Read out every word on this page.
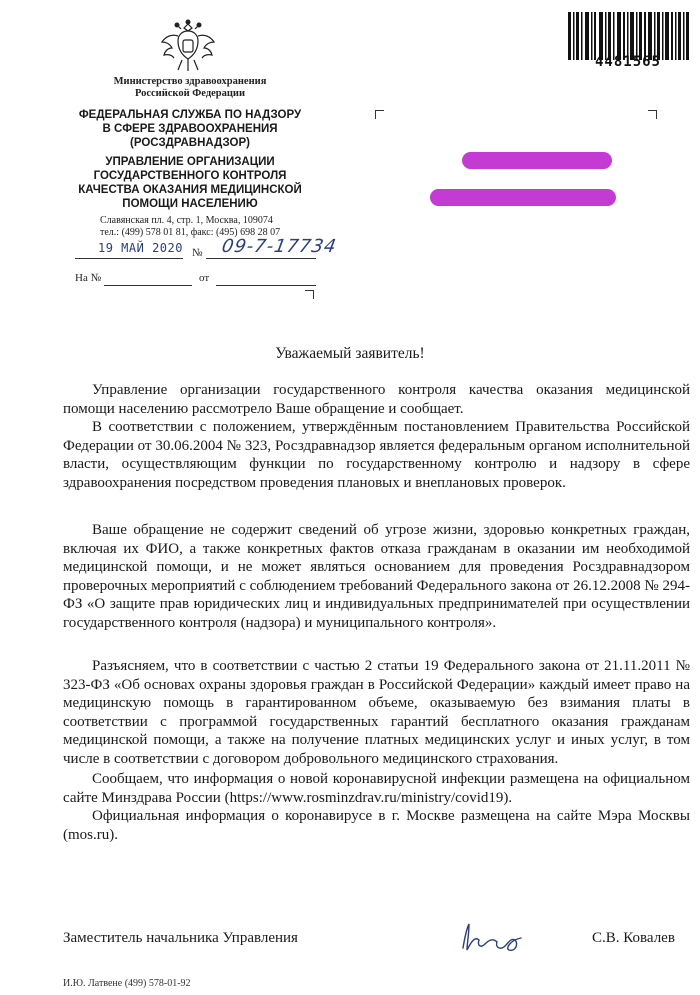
4481565
Министерство здравоохранения
Российской Федерации
ФЕДЕРАЛЬНАЯ СЛУЖБА ПО НАДЗОРУ
В СФЕРЕ ЗДРАВООХРАНЕНИЯ
(РОСЗДРАВНАДЗОР)
УПРАВЛЕНИЕ ОРГАНИЗАЦИИ
ГОСУДАРСТВЕННОГО КОНТРОЛЯ
КАЧЕСТВА ОКАЗАНИЯ МЕДИЦИНСКОЙ
ПОМОЩИ НАСЕЛЕНИЮ
Славянская пл. 4, стр. 1, Москва, 109074
тел.: (499) 578 01 81, факс: (495) 698 28 07
19 МАЙ 2020 № 09-7-17734
На №	от
Уважаемый заявитель!

Управление организации государственного контроля качества оказания медицинской помощи населению рассмотрело Ваше обращение и сообщает.

В соответствии с положением, утверждённым постановлением Правительства Российской Федерации от 30.06.2004 № 323, Росздравнадзор является федеральным органом исполнительной власти, осуществляющим функции по государственному контролю и надзору в сфере здравоохранения посредством проведения плановых и внеплановых проверок.

Ваше обращение не содержит сведений об угрозе жизни, здоровью конкретных граждан, включая их ФИО, а также конкретных фактов отказа гражданам в оказании им необходимой медицинской помощи, и не может являться основанием для проведения Росздравнадзором проверочных мероприятий с соблюдением требований Федерального закона от 26.12.2008 № 294-ФЗ «О защите прав юридических лиц и индивидуальных предпринимателей при осуществлении государственного контроля (надзора) и муниципального контроля».

Разъясняем, что в соответствии с частью 2 статьи 19 Федерального закона от 21.11.2011 № 323-ФЗ «Об основах охраны здоровья граждан в Российской Федерации» каждый имеет право на медицинскую помощь в гарантированном объеме, оказываемую без взимания платы в соответствии с программой государственных гарантий бесплатного оказания гражданам медицинской помощи, а также на получение платных медицинских услуг и иных услуг, в том числе в соответствии с договором добровольного медицинского страхования.

Сообщаем, что информация о новой коронавирусной инфекции размещена на официальном сайте Минздрава России (https://www.rosminzdrav.ru/ministry/covid19).

Официальная информация о коронавирусе в г. Москве размещена на сайте Мэра Москвы (mos.ru).

Заместитель начальника Управления	С.В. Ковалев
И.Ю. Латвене (499) 578-01-92
